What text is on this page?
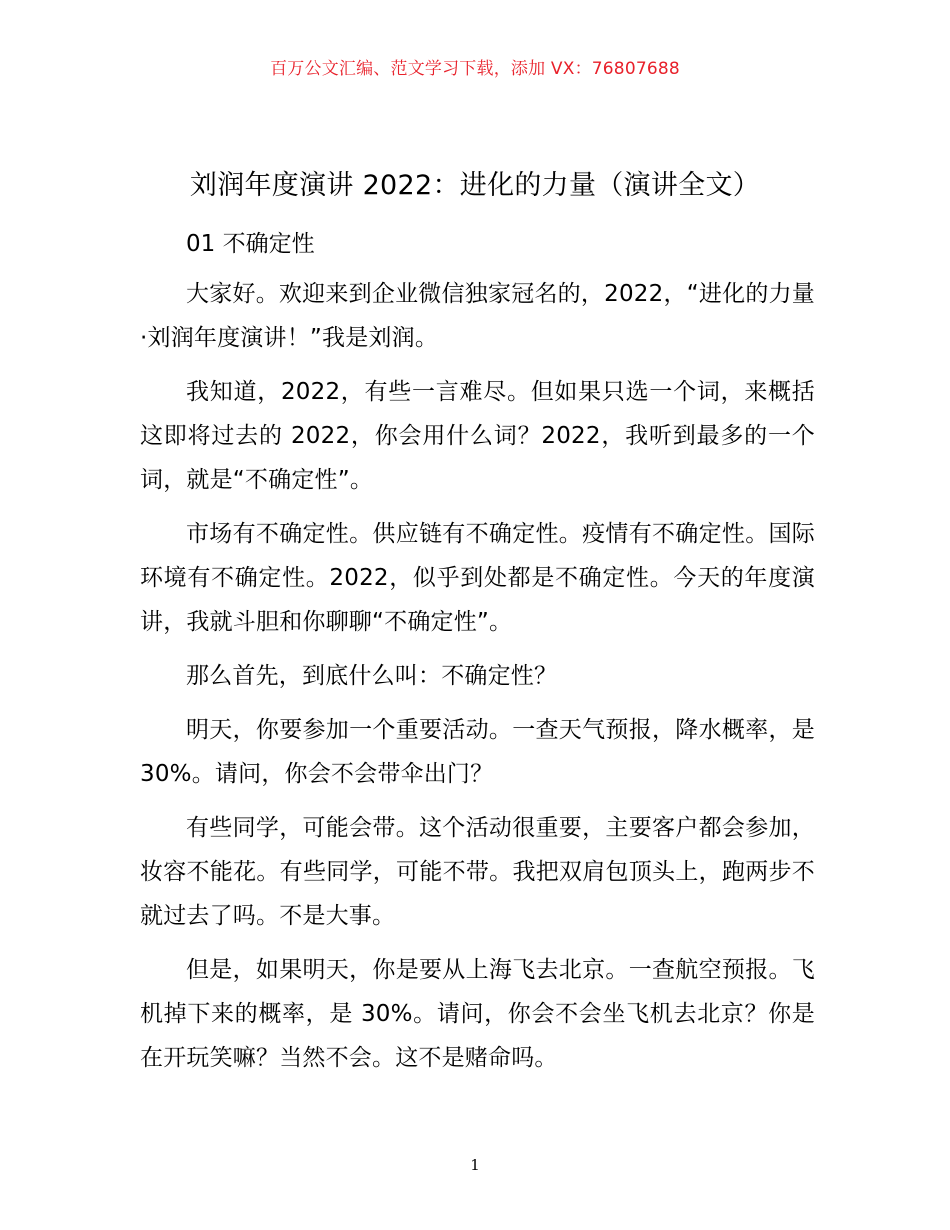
百万公文汇编、范文学习下载，添加 VX：76807688
刘润年度演讲 2022：进化的力量（演讲全文）
01 不确定性

大家好。欢迎来到企业微信独家冠名的，2022，“进化的力量·刘润年度演讲！”我是刘润。

我知道，2022，有些一言难尽。但如果只选一个词，来概括这即将过去的 2022，你会用什么词？2022，我听到最多的一个词，就是“不确定性”。

市场有不确定性。供应链有不确定性。疫情有不确定性。国际环境有不确定性。2022，似乎到处都是不确定性。今天的年度演讲，我就斗胆和你聊聊“不确定性”。

那么首先，到底什么叫：不确定性？

明天，你要参加一个重要活动。一查天气预报，降水概率，是 30%。请问，你会不会带伞出门？

有些同学，可能会带。这个活动很重要，主要客户都会参加，妆容不能花。有些同学，可能不带。我把双肩包顶头上，跑两步不就过去了吗。不是大事。

但是，如果明天，你是要从上海飞去北京。一查航空预报。飞机掉下来的概率，是 30%。请问，你会不会坐飞机去北京？你是在开玩笑嘛？当然不会。这不是赌命吗。

1
